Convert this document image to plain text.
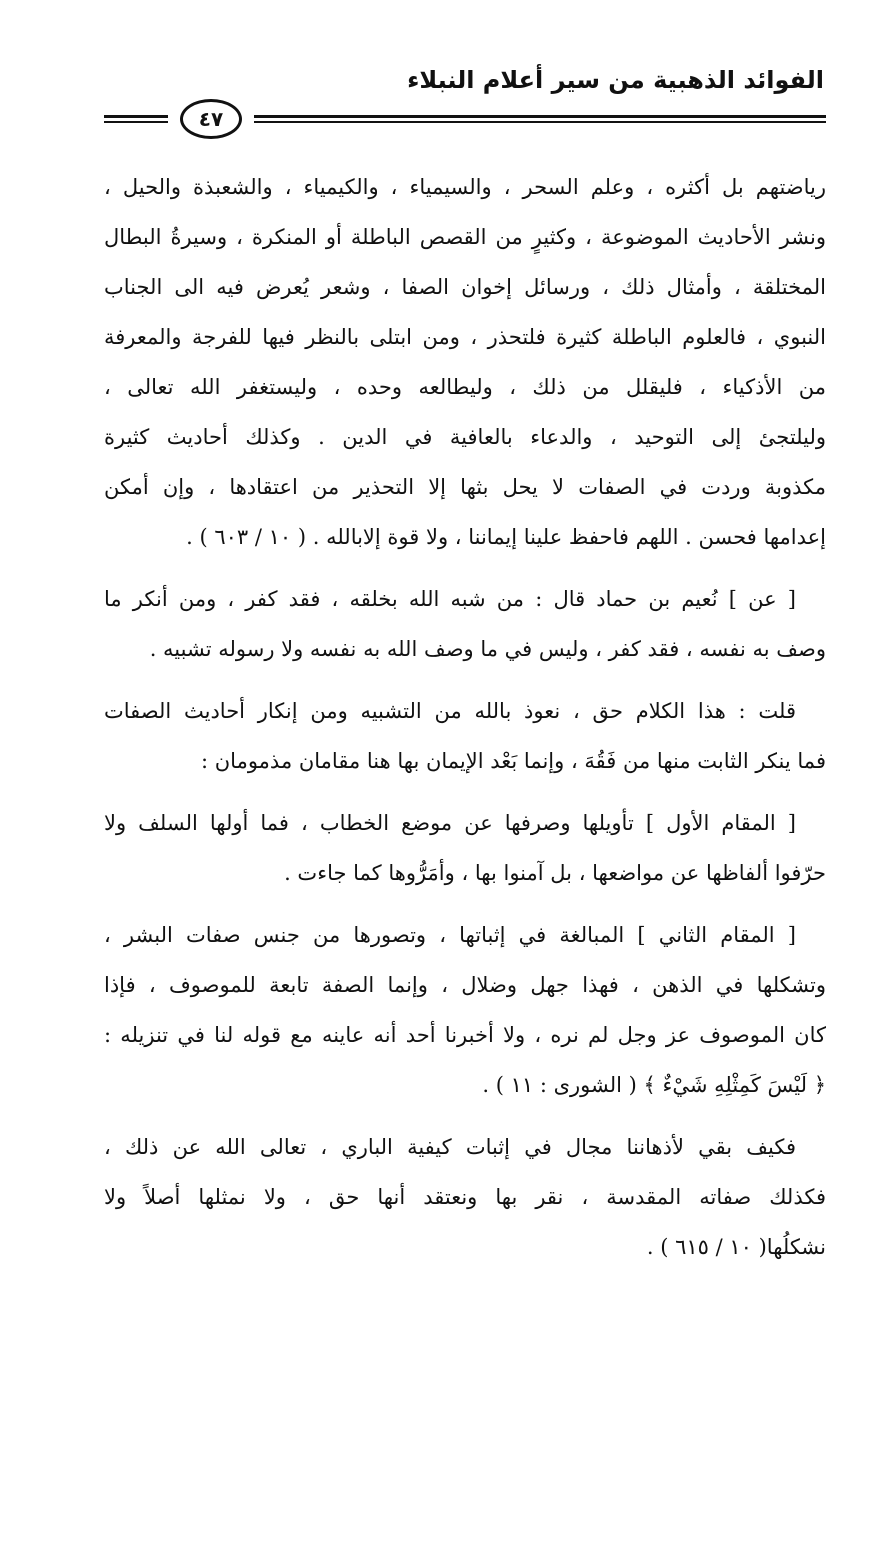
الفوائد الذهبية من سير أعلام النبلاء
٤٧

رياضتهم بل أكثره ، وعلم السحر ، والسيمياء ، والكيمياء ، والشعبذة والحيل ،
ونشر الأحاديث الموضوعة ، وكثيرٍ من القصص الباطلة أو المنكرة ، وسيرةُ البطال
المختلقة ، وأمثال ذلك ، ورسائل إخوان الصفا ، وشعر يُعرض فيه الى الجناب
النبوي ، فالعلوم الباطلة كثيرة فلتحذر ، ومن ابتلى بالنظر فيها للفرجة والمعرفة
من الأذكياء ، فليقلل من ذلك ، وليطالعه وحده ، وليستغفر الله تعالى ،
وليلتجئ إلى التوحيد ، والدعاء بالعافية في الدين . وكذلك أحاديث كثيرة
مكذوبة وردت في الصفات لا يحل بثها إلا التحذير من اعتقادها ، وإن أمكن
إعدامها فحسن . اللهم فاحفظ علينا إيماننا ، ولا قوة إلابالله . ( ١٠ / ٦٠٣ ) .

[ عن ] نُعيم بن حماد قال : من شبه الله بخلقه ، فقد كفر ، ومن أنكر ما
وصف به نفسه ، فقد كفر ، وليس في ما وصف الله به نفسه ولا رسوله تشبيه .

قلت : هذا الكلام حق ، نعوذ بالله من التشبيه ومن إنكار أحاديث الصفات
فما ينكر الثابت منها من فَقُهَ ، وإنما بَعْد الإيمان بها هنا مقامان مذمومان :

[ المقام الأول ] تأويلها وصرفها عن موضع الخطاب ، فما أولها السلف ولا
حرّفوا ألفاظها عن مواضعها ، بل آمنوا بها ، وأمَرُّوها كما جاءت .

[ المقام الثاني ] المبالغة في إثباتها ، وتصورها من جنس صفات البشر ،
وتشكلها في الذهن ، فهذا جهل وضلال ، وإنما الصفة تابعة للموصوف ، فإذا
كان الموصوف عز وجل لم نره ، ولا أخبرنا أحد أنه عاينه مع قوله لنا في تنزيله :
﴿ لَيْسَ كَمِثْلِهِ شَيْءٌ ﴾ ( الشورى : ١١ ) .

فكيف بقي لأذهاننا مجال في إثبات كيفية الباري ، تعالى الله عن ذلك ،
فكذلك صفاته المقدسة ، نقر بها ونعتقد أنها حق ، ولا نمثلها أصلاً ولا
نشكلُها( ١٠ / ٦١٥ ) .
